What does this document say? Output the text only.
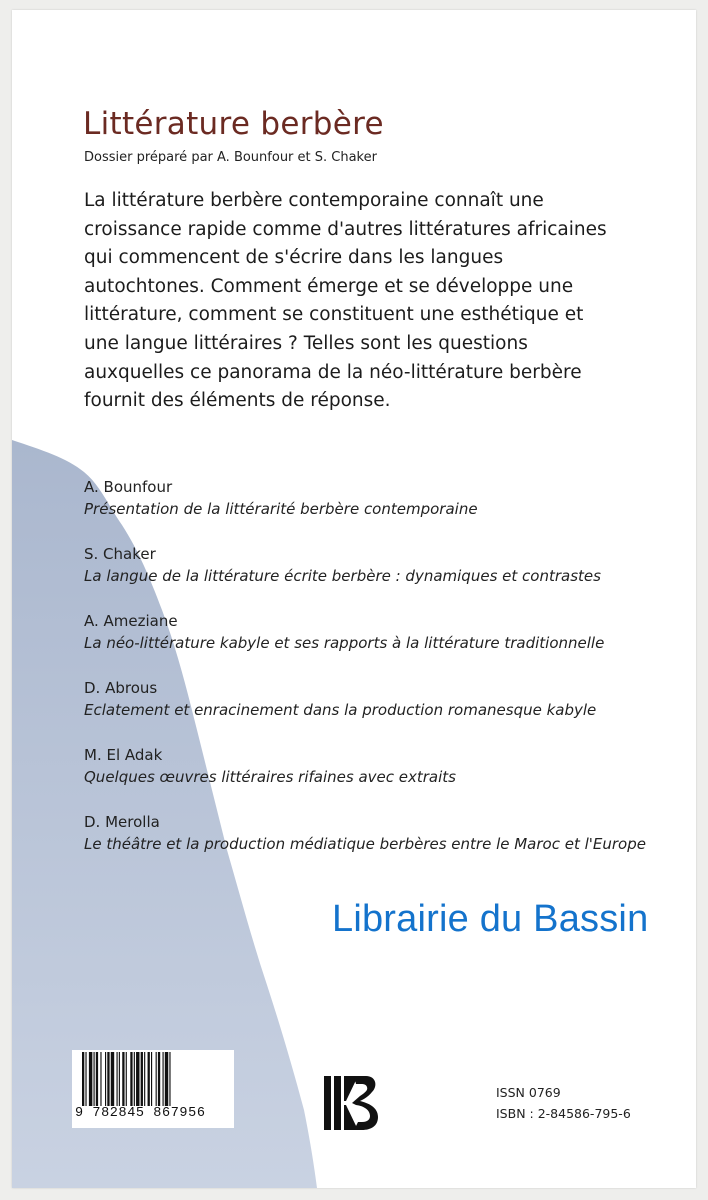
Littérature berbère

Dossier préparé par A. Bounfour et S. Chaker

La littérature berbère contemporaine connaît une croissance rapide comme d'autres littératures africaines qui commencent de s'écrire dans les langues autochtones. Comment émerge et se développe une littérature, comment se constituent une esthétique et une langue littéraires ? Telles sont les questions auxquelles ce panorama de la néo-littérature berbère fournit des éléments de réponse.

A. Bounfour
Présentation de la littérarité berbère contemporaine
S. Chaker
La langue de la littérature écrite berbère : dynamiques et contrastes
A. Ameziane
La néo-littérature kabyle et ses rapports à la littérature traditionnelle
D. Abrous
Eclatement et enracinement dans la production romanesque kabyle
M. El Adak
Quelques œuvres littéraires rifaines avec extraits
D. Merolla
Le théâtre et la production médiatique berbères entre le Maroc et l'Europe

Librairie du Bassin

9 782845 867956

ISSN 0769

ISBN : 2-84586-795-6
